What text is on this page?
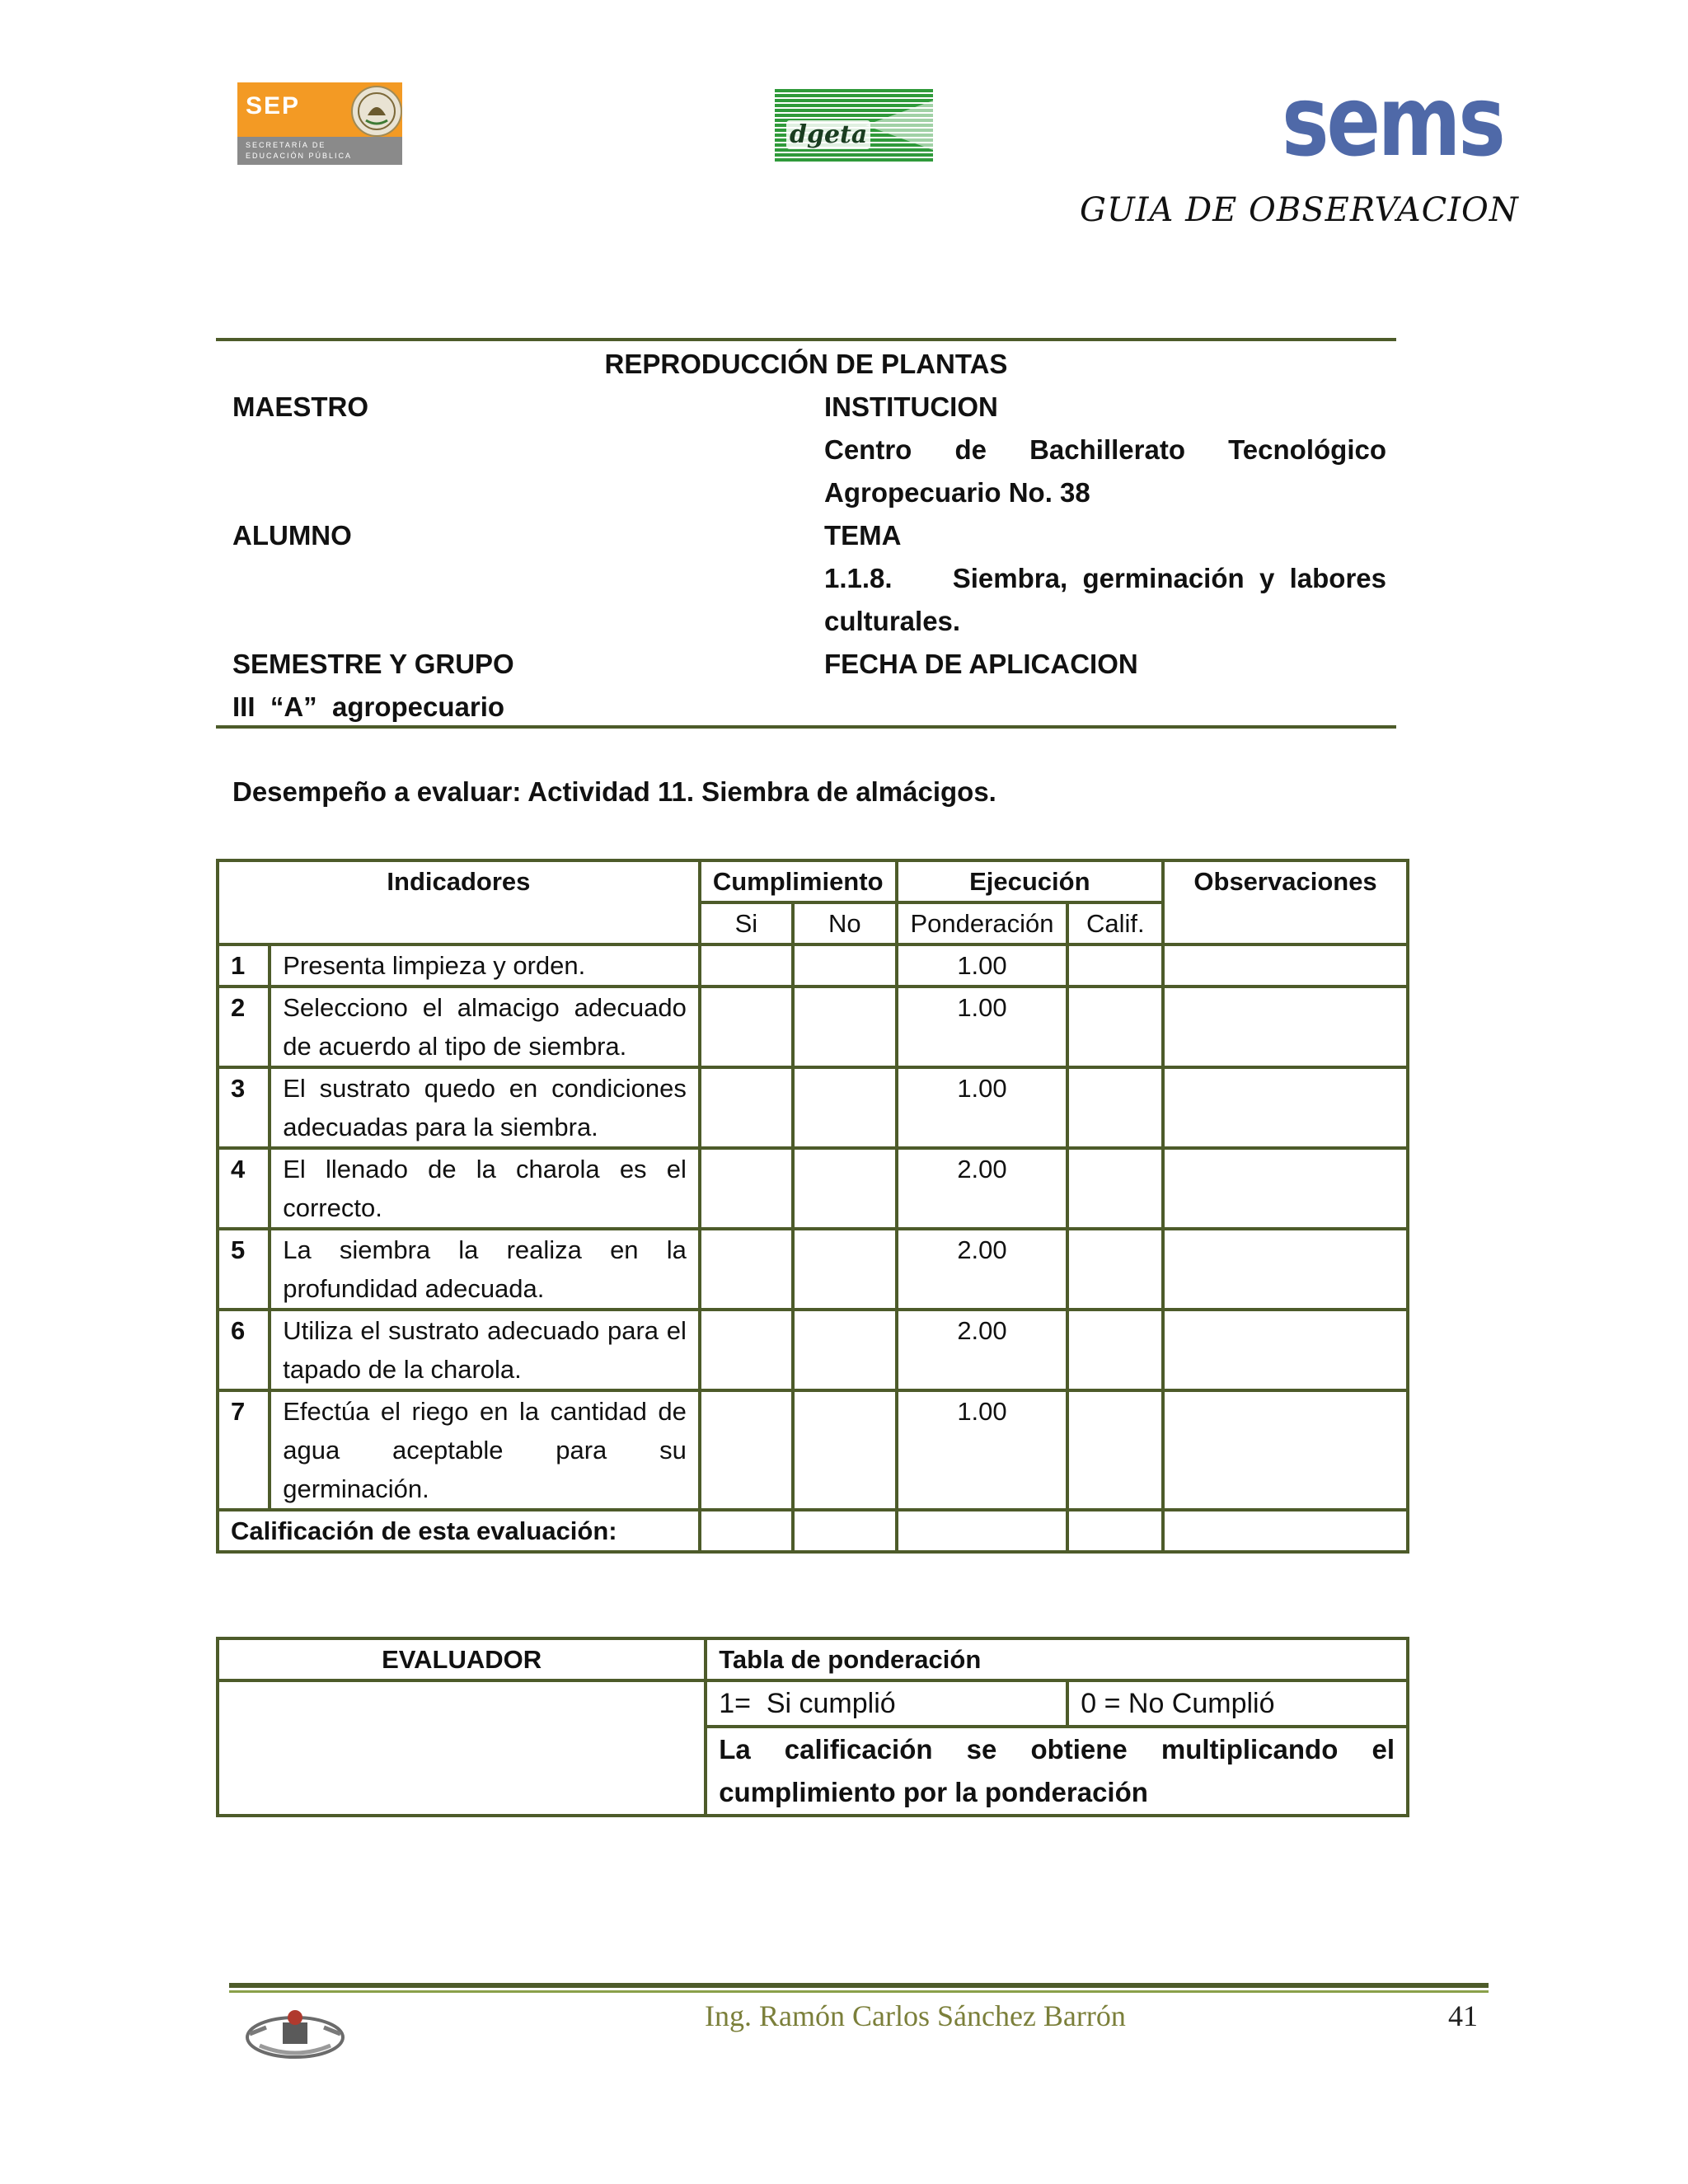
SEP
SECRETARÍA DE
EDUCACIÓN PÚBLICA
dgeta	sems
GUIA DE OBSERVACION
REPRODUCCIÓN DE PLANTAS
MAESTRO	INSTITUCION
Centro de Bachillerato Tecnológico
Agropecuario No. 38
ALUMNO	TEMA
1.1.8.    Siembra, germinación y labores
culturales.
SEMESTRE Y GRUPO	FECHA DE APLICACION
III  “A”  agropecuario
Desempeño a evaluar: Actividad 11. Siembra de almácigos.
Indicadores		Cumplimiento		Ejecución		Observaciones
		Si	No	Ponderación	Calif.	
1	Presenta limpieza y orden.			1.00		
2	Selecciono el almacigo adecuado de acuerdo al tipo de siembra.			1.00		
3	El sustrato quedo en condiciones adecuadas para la siembra.			1.00		
4	El llenado de la charola es el correcto.			2.00		
5	La siembra la realiza en la profundidad adecuada.			2.00		
6	Utiliza el sustrato adecuado para el tapado de la charola.			2.00		
7	Efectúa el riego en la cantidad de agua aceptable para su germinación.			1.00		
Calificación de esta evaluación:						
EVALUADOR	Tabla de ponderación	
	1=  Si cumplió	0 = No Cumplió
	La calificación se obtiene multiplicando el cumplimiento por la ponderación	
Ing. Ramón Carlos Sánchez Barrón	41
